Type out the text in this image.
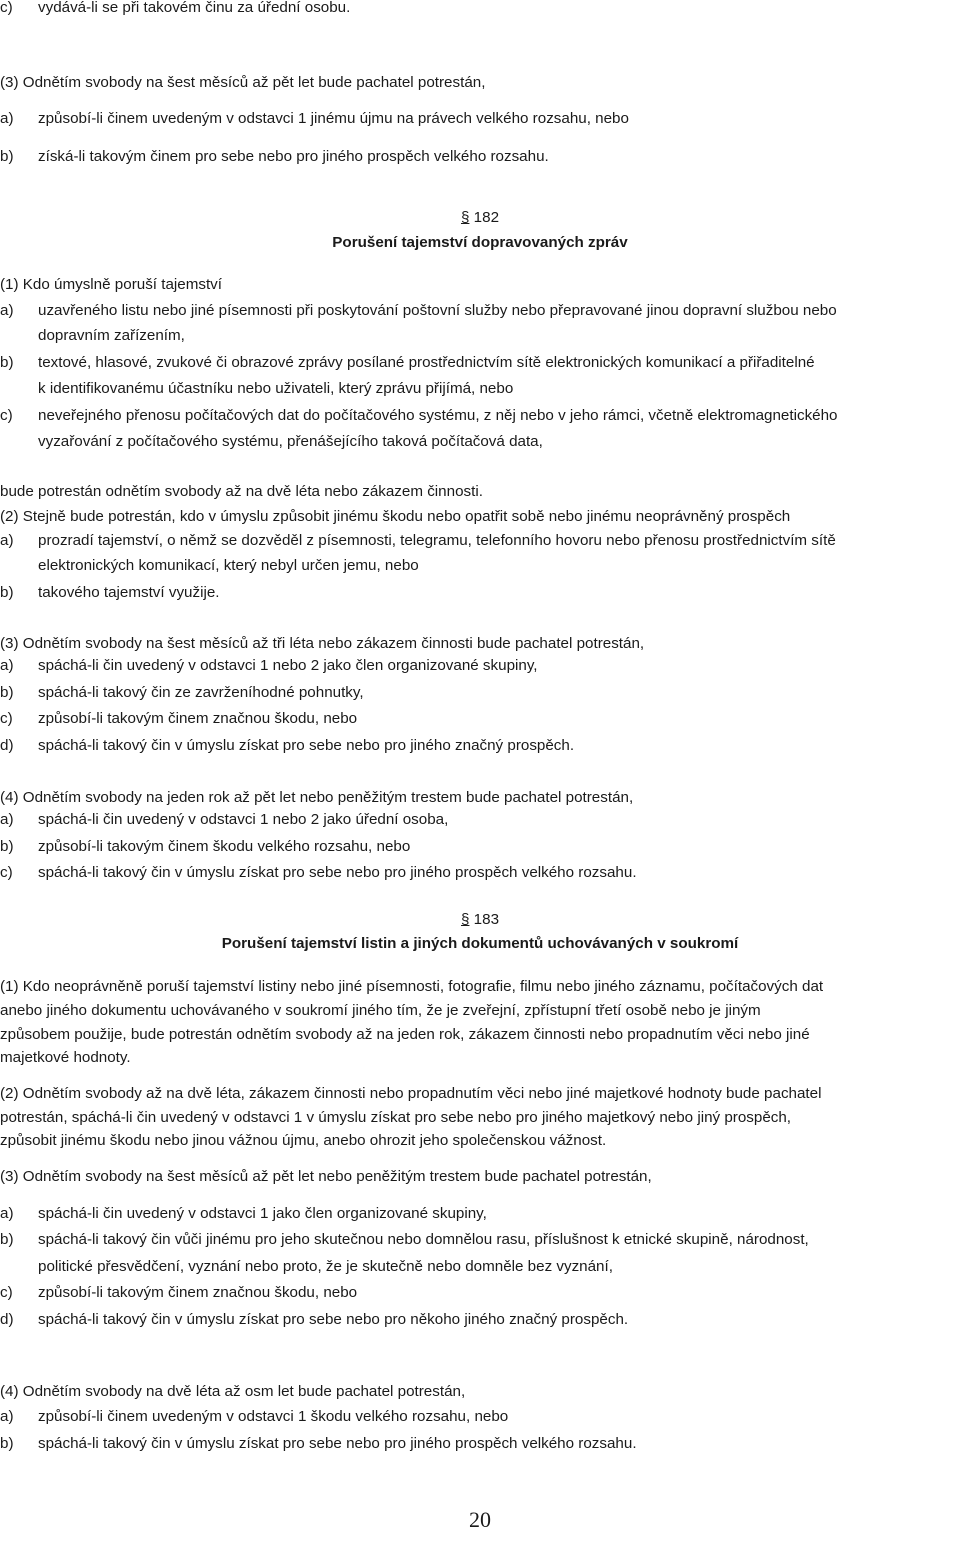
c) vydává-li se při takovém činu za úřední osobu.
(3) Odnětím svobody na šest měsíců až pět let bude pachatel potrestán,
a) způsobí-li činem uvedeným v odstavci 1 jinému újmu na právech velkého rozsahu, nebo
b) získá-li takovým činem pro sebe nebo pro jiného prospěch velkého rozsahu.
§ 182
Porušení tajemství dopravovaných zpráv
(1) Kdo úmyslně poruší tajemství
a) uzavřeného listu nebo jiné písemnosti při poskytování poštovní služby nebo přepravované jinou dopravní službou nebo
dopravním zařízením,
b) textové, hlasové, zvukové či obrazové zprávy posílané prostřednictvím sítě elektronických komunikací a přiřaditelné
k identifikovanému účastníku nebo uživateli, který zprávu přijímá, nebo
c) neveřejného přenosu počítačových dat do počítačového systému, z něj nebo v jeho rámci, včetně elektromagnetického
vyzařování z počítačového systému, přenášejícího taková počítačová data,
bude potrestán odnětím svobody až na dvě léta nebo zákazem činnosti.
(2) Stejně bude potrestán, kdo v úmyslu způsobit jinému škodu nebo opatřit sobě nebo jinému neoprávněný prospěch
a) prozradí tajemství, o němž se dozvěděl z písemnosti, telegramu, telefonního hovoru nebo přenosu prostřednictvím sítě
elektronických komunikací, který nebyl určen jemu, nebo
b) takového tajemství využije.
(3) Odnětím svobody na šest měsíců až tři léta nebo zákazem činnosti bude pachatel potrestán,
a) spáchá-li čin uvedený v odstavci 1 nebo 2 jako člen organizované skupiny,
b) spáchá-li takový čin ze zavrženíhodné pohnutky,
c) způsobí-li takovým činem značnou škodu, nebo
d) spáchá-li takový čin v úmyslu získat pro sebe nebo pro jiného značný prospěch.
(4) Odnětím svobody na jeden rok až pět let nebo peněžitým trestem bude pachatel potrestán,
a) spáchá-li čin uvedený v odstavci 1 nebo 2 jako úřední osoba,
b) způsobí-li takovým činem škodu velkého rozsahu, nebo
c) spáchá-li takový čin v úmyslu získat pro sebe nebo pro jiného prospěch velkého rozsahu.
§ 183
Porušení tajemství listin a jiných dokumentů uchovávaných v soukromí
(1) Kdo neoprávněně poruší tajemství listiny nebo jiné písemnosti, fotografie, filmu nebo jiného záznamu, počítačových dat
anebo jiného dokumentu uchovávaného v soukromí jiného tím, že je zveřejní, zpřístupní třetí osobě nebo je jiným
způsobem použije, bude potrestán odnětím svobody až na jeden rok, zákazem činnosti nebo propadnutím věci nebo jiné
majetkové hodnoty.
(2) Odnětím svobody až na dvě léta, zákazem činnosti nebo propadnutím věci nebo jiné majetkové hodnoty bude pachatel
potrestán, spáchá-li čin uvedený v odstavci 1 v úmyslu získat pro sebe nebo pro jiného majetkový nebo jiný prospěch,
způsobit jinému škodu nebo jinou vážnou újmu, anebo ohrozit jeho společenskou vážnost.
(3) Odnětím svobody na šest měsíců až pět let nebo peněžitým trestem bude pachatel potrestán,
a) spáchá-li čin uvedený v odstavci 1 jako člen organizované skupiny,
b) spáchá-li takový čin vůči jinému pro jeho skutečnou nebo domnělou rasu, příslušnost k etnické skupině, národnost,
politické přesvědčení, vyznání nebo proto, že je skutečně nebo domněle bez vyznání,
c) způsobí-li takovým činem značnou škodu, nebo
d) spáchá-li takový čin v úmyslu získat pro sebe nebo pro někoho jiného značný prospěch.
(4) Odnětím svobody na dvě léta až osm let bude pachatel potrestán,
a) způsobí-li činem uvedeným v odstavci 1 škodu velkého rozsahu, nebo
b) spáchá-li takový čin v úmyslu získat pro sebe nebo pro jiného prospěch velkého rozsahu.
20
